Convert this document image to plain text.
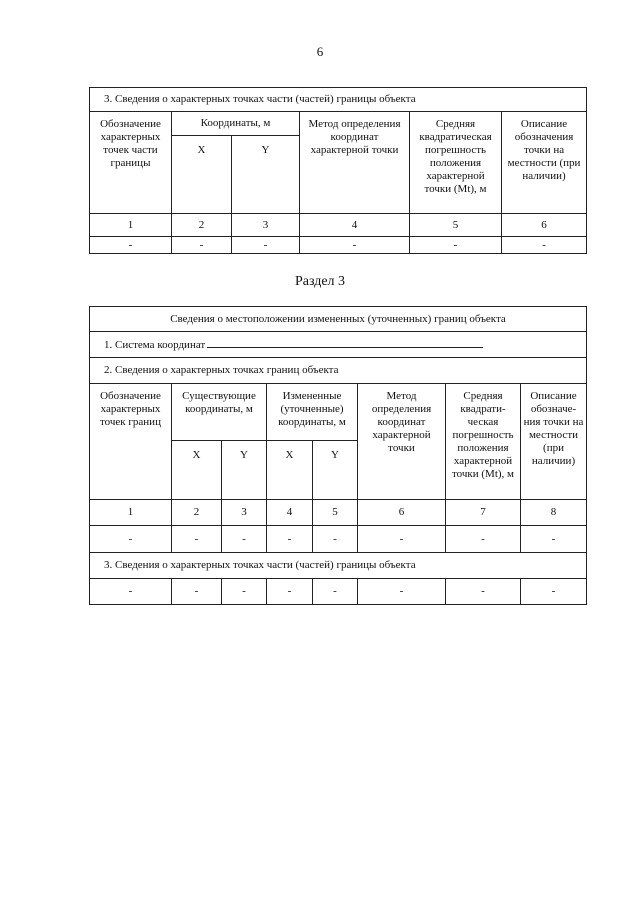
6
3. Сведения о характерных точках части (частей) границы объекта					
Обозначение характерных точек части границы	Координаты, м		Метод определения координат характерной точки	Средняя квадратическая погрешность положения характерной точки (Mt), м	Описание обозначения точки на местности (при наличии)
	X	Y			
1	2	3	4	5	6
-	-	-	-	-	-
Раздел 3
Сведения о местоположении измененных (уточненных) границ объекта							
1. Система координат							
2. Сведения о характерных точках границ объекта							
Обозначение характерных точек границ	Существующие координаты, м		Измененные (уточненные) координаты, м		Метод определения координат характерной точки	Средняя квадрати-ческая погрешность положения характерной точки (Mt), м	Описание обозначе-ния точки на местности (при наличии)
	X	Y	X	Y			
1	2	3	4	5	6	7	8
-	-	-	-	-	-	-	-
3. Сведения о характерных точках части (частей) границы объекта							
-	-	-	-	-	-	-	-
